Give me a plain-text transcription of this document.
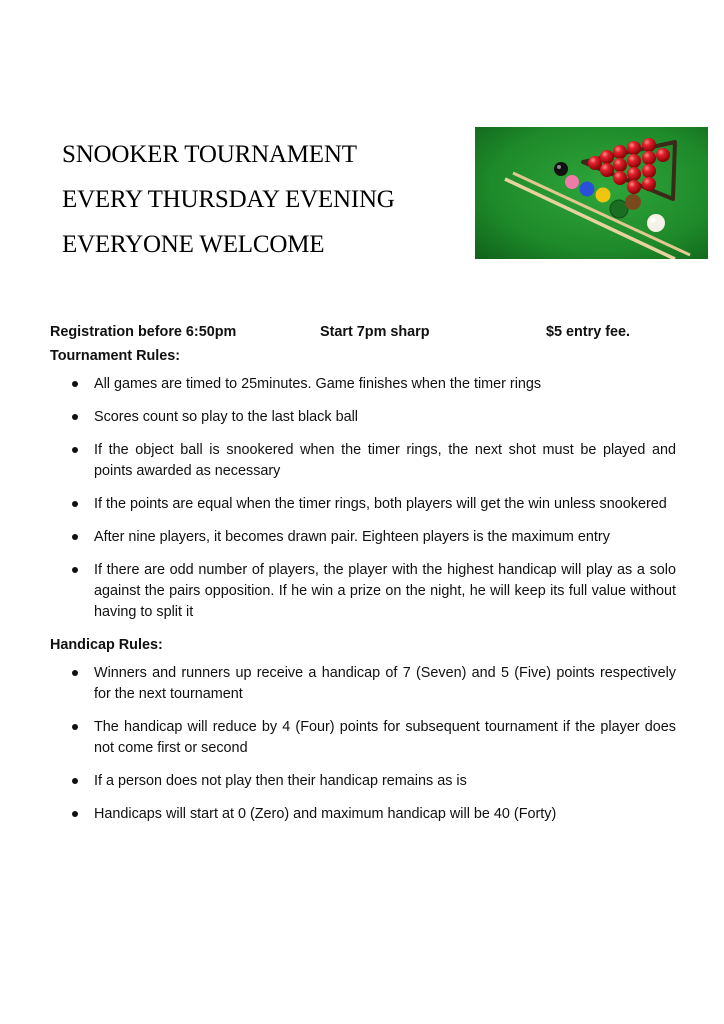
SNOOKER TOURNAMENT
EVERY THURSDAY EVENING
EVERYONE WELCOME
Registration before 6:50pm	Start 7pm sharp	$5 entry fee.
Tournament Rules:
All games are timed to 25minutes. Game finishes when the timer rings
Scores count so play to the last black ball
If the object ball is snookered when the timer rings, the next shot must be played and points awarded as necessary
If the points are equal when the timer rings, both players will get the win unless snookered
After nine players, it becomes drawn pair. Eighteen players is the maximum entry
If there are odd number of players, the player with the highest handicap will play as a solo against the pairs opposition. If he win a prize on the night, he will keep its full value without having to split it
Handicap Rules:
Winners and runners up receive a handicap of 7 (Seven) and 5 (Five) points respectively for the next tournament
The handicap will reduce by 4 (Four) points for subsequent tournament if the player does not come first or second
If a person does not play then their handicap remains as is
Handicaps will start at 0 (Zero) and maximum handicap will be 40 (Forty)
